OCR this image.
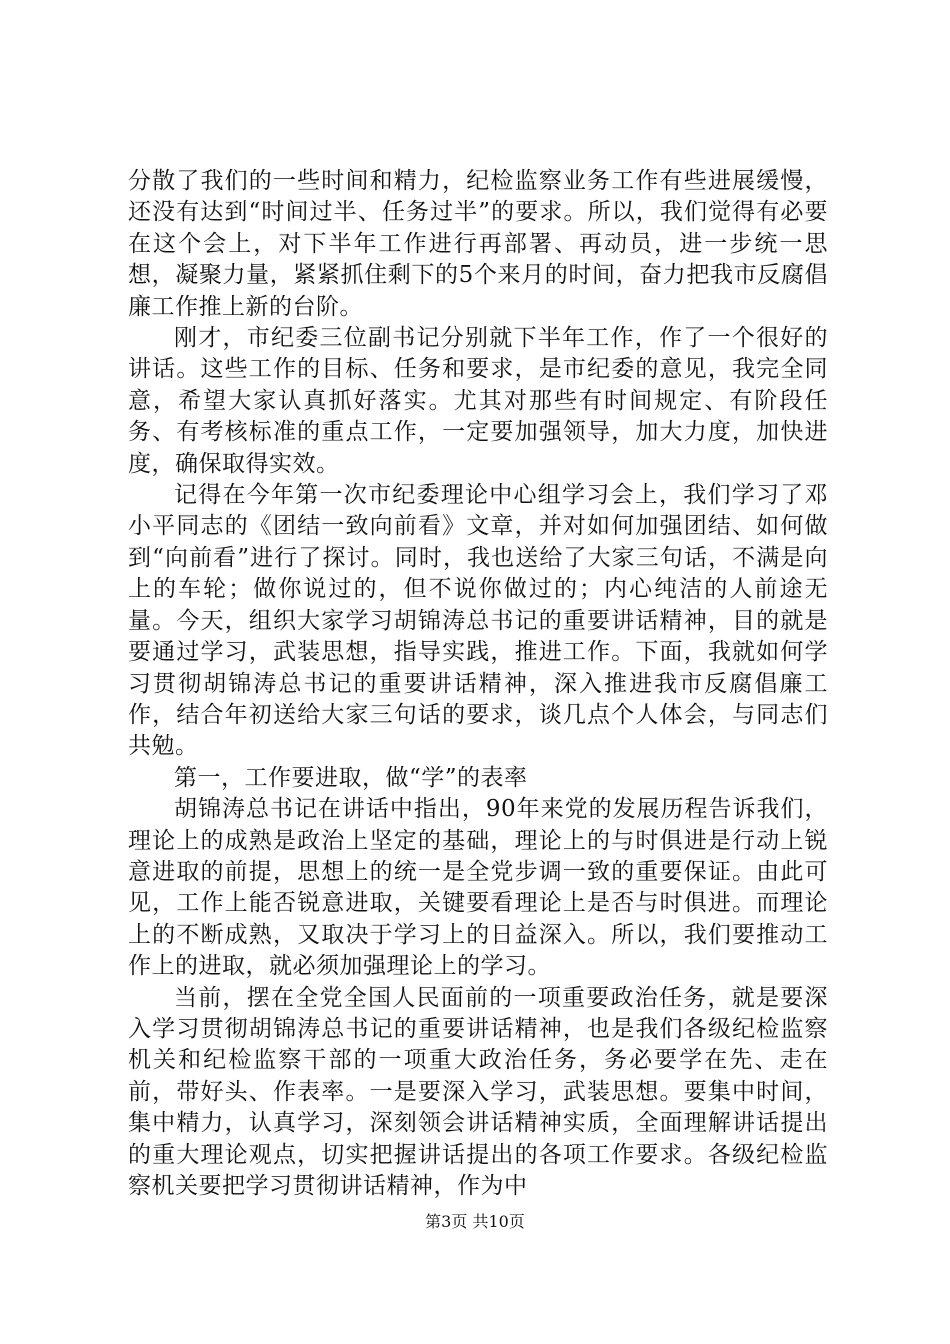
分散了我们的一些时间和精力，纪检监察业务工作有些进展缓慢，还没有达到“时间过半、任务过半”的要求。所以，我们觉得有必要在这个会上，对下半年工作进行再部署、再动员，进一步统一思想，凝聚力量，紧紧抓住剩下的5个来月的时间，奋力把我市反腐倡廉工作推上新的台阶。

刚才，市纪委三位副书记分别就下半年工作，作了一个很好的讲话。这些工作的目标、任务和要求，是市纪委的意见，我完全同意，希望大家认真抓好落实。尤其对那些有时间规定、有阶段任务、有考核标准的重点工作，一定要加强领导，加大力度，加快进度，确保取得实效。

记得在今年第一次市纪委理论中心组学习会上，我们学习了邓小平同志的《团结一致向前看》文章，并对如何加强团结、如何做到“向前看”进行了探讨。同时，我也送给了大家三句话，不满是向上的车轮；做你说过的，但不说你做过的；内心纯洁的人前途无量。今天，组织大家学习胡锦涛总书记的重要讲话精神，目的就是要通过学习，武装思想，指导实践，推进工作。下面，我就如何学习贯彻胡锦涛总书记的重要讲话精神，深入推进我市反腐倡廉工作，结合年初送给大家三句话的要求，谈几点个人体会，与同志们共勉。

第一，工作要进取，做“学”的表率

胡锦涛总书记在讲话中指出，90年来党的发展历程告诉我们，理论上的成熟是政治上坚定的基础，理论上的与时俱进是行动上锐意进取的前提，思想上的统一是全党步调一致的重要保证。由此可见，工作上能否锐意进取，关键要看理论上是否与时俱进。而理论上的不断成熟，又取决于学习上的日益深入。所以，我们要推动工作上的进取，就必须加强理论上的学习。

当前，摆在全党全国人民面前的一项重要政治任务，就是要深入学习贯彻胡锦涛总书记的重要讲话精神，也是我们各级纪检监察机关和纪检监察干部的一项重大政治任务，务必要学在先、走在前，带好头、作表率。一是要深入学习，武装思想。要集中时间，集中精力，认真学习，深刻领会讲话精神实质，全面理解讲话提出的重大理论观点，切实把握讲话提出的各项工作要求。各级纪检监察机关要把学习贯彻讲话精神，作为中

第3页 共10页
